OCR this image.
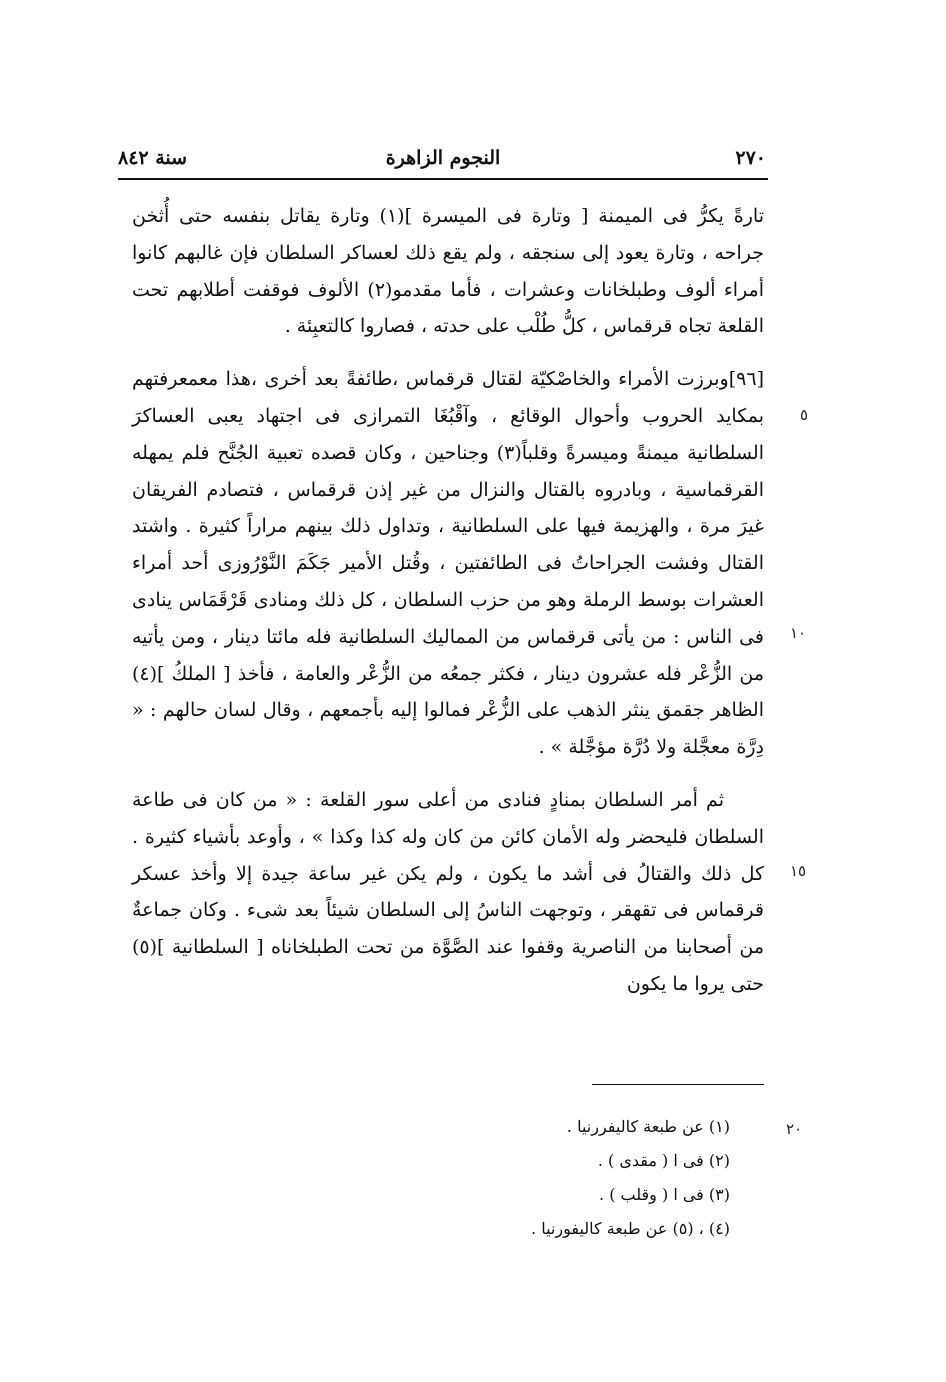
٢٧٠
النجوم الزاهرة
سنة ٨٤٢
٥
١٠
١٥
٢٠

تارةً يكرُّ فى الميمنة [ وتارة فى الميسرة ](١) وتارة يقاتل بنفسه حتى أُثخن جراحه ، وتارة يعود إلى سنجقه ، ولم يقع ذلك لعساكر السلطان فإن غالبهم كانوا أمراء ألوف وطبلخانات وعشرات ، فأما مقدمو(٢) الألوف فوقفت أطلابهم تحت القلعة تجاه قرقماس ، كلُّ طُلْب على حدته ، فصاروا كالتعبِئة .

[٩٦]وبرزت الأمراء والخاصْكيّة لقتال قرقماس ،طائفةً بعد أخرى ،هذا معمعرفتهم بمكايد الحروب وأحوال الوقائع ، وآقْبُغَا التمرازى فى اجتهاد يعبى العساكرَ السلطانية ميمنةً وميسرةً وقلباً(٣) وجناحين ، وكان قصده تعبية الجُنَّح فلم يمهله القرقماسية ، وبادروه بالقتال والنزال من غير إذن قرقماس ، فتصادم الفريقان غيرَ مرة ، والهزيمة فيها على السلطانية ، وتداول ذلك بينهم مراراً كثيرة . واشتد القتال وفشت الجراحاتُ فى الطائفتين ، وقُتل الأمير جَكَمَ النَّوْرُوزى أحد أمراء العشرات بوسط الرملة وهو من حزب السلطان ، كل ذلك ومنادى قَرْقَمَاس ينادى فى الناس : من يأتى قرقماس من المماليك السلطانية فله مائتا دينار ، ومن يأتيه من الزُّعْر فله عشرون دينار ، فكثر جمعُه من الزُّعْر والعامة ، فأخذ [ الملكُ ](٤) الظاهر جقمق ينثر الذهب على الزُّعْر فمالوا إليه بأجمعهم ، وقال لسان حالهم : « دِرَّة معجَّلة ولا دُرَّة مؤجَّلة » .

ثم أمر السلطان بمنادٍ فنادى من أعلى سور القلعة : « من كان فى طاعة السلطان فليحضر وله الأمان كائن من كان وله كذا وكذا » ، وأوعد بأشياء كثيرة . كل ذلك والقتالُ فى أشد ما يكون ، ولم يكن غير ساعة جيدة إلا وأخذ عسكر قرقماس فى تقهقر ، وتوجهت الناسُ إلى السلطان شيئاً بعد شىء . وكان جماعةٌ من أصحابنا من الناصرية وقفوا عند الصَّوَّة من تحت الطبلخاناه [ السلطانية ](٥) حتى يروا ما يكون

(١) عن طبعة كاليفررنيا .

(٢) فى ا ( مقدى ) .

(٣) فى ا ( وقلب ) .

(٤) ، (٥) عن طبعة كاليفورنيا .
